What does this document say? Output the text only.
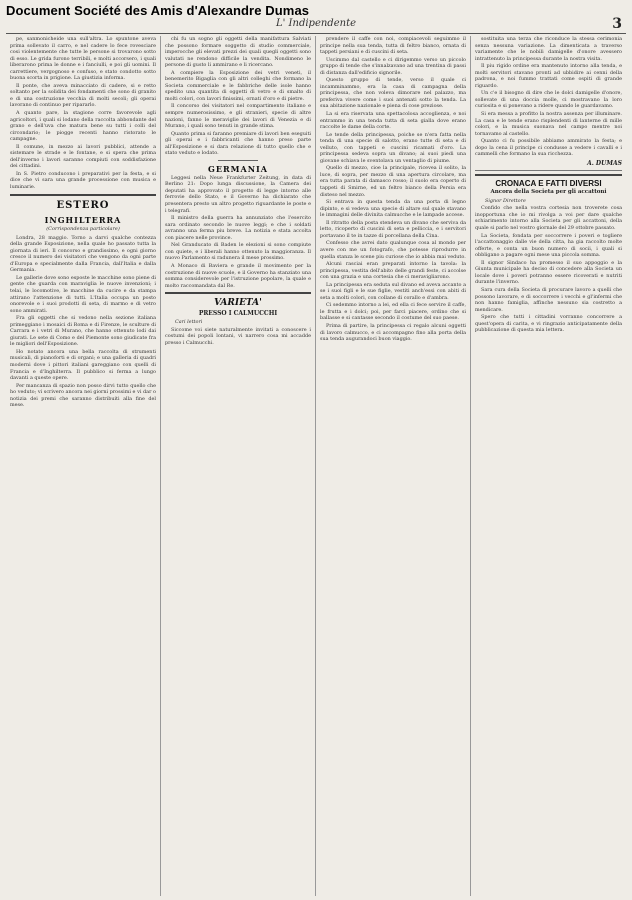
Document Société des Amis d'Alexandre Dumas
L' Indipendente	3

pe, sanmonicheide una sull'altra. Lo spuntone aveva prima sollevato il carro, e nel cadere lo fece rovesciare cosi violentemente che tutte le persone si trovarono sotto di esso. Le grida furono terribili, e molti accorsero, i quali liberarono prima le donne e i fanciulli, e poi gli uomini. Il carrettiere, vergognoso e confuso, e stato condotto sotto buona scorta in prigione. La giustizia informa.

Il ponte, che aveva minacciato di cadere, si e retto soltanto per la solidita dei fondamenti che sono di granito e di una costruzione vecchia di molti secoli; gli operai lavorano di continuo per ripararlo.

A quanto pare, la stagione corre favorevole agli agricoltori, i quali si lodano della raccolta abbondante del grano e dell'uva che matura bene su tutti i colli del circondario; le piogge recenti hanno ristorato le campagne.

Il comune, in mezzo ai lavori pubblici, attende a sistemare le strade e le fontane, e si spera che prima dell'inverno i lavori saranno compiuti con soddisfazione dei cittadini.

In S. Pietro conducono i preparativi per la festa, e si dice che vi sara una grande processione con musica e luminarie.

ESTERO
INGHILTERRA
(Corrispondenza particolare)

Londra, 28 maggio. Torno a darvi qualche contezza della grande Esposizione, nella quale ho passato tutta la giornata di ieri. Il concorso e grandissimo, e ogni giorno cresce il numero dei visitatori che vengono da ogni parte d'Europa e specialmente dalla Francia, dall'Italia e dalla Germania.

Le gallerie dove sono esposte le macchine sono piene di gente che guarda con maraviglia le nuove invenzioni; i telai, le locomotive, le macchine da cucire e da stampa attirano l'attenzione di tutti. L'Italia occupa un posto onorevole e i suoi prodotti di seta, di marmo e di vetro sono ammirati.

Fra gli oggetti che si vedono nella sezione italiana primeggiano i mosaici di Roma e di Firenze, le sculture di Carrara e i vetri di Murano, che hanno ottenuto lodi dai giurati. Le sete di Como e del Piemonte sono giudicate fra le migliori dell'Esposizione.

Ho notato ancora una bella raccolta di strumenti musicali, di pianoforti e di organi; e una galleria di quadri moderni dove i pittori italiani gareggiano con quelli di Francia e d'Inghilterra. Il pubblico si ferma a lungo davanti a queste opere.

Per mancanza di spazio non posso dirvi tutto quello che ho veduto; vi scrivero ancora nei giorni prossimi e vi dar o notizia dei premi che saranno distribuiti alla fine del mese.

chi fu un sogno gli oggetti della manifattura Salviati che possono formare soggetto di studio commerciale, imperocche gli elevati prezzi dei quali quegli oggetti sono valutati ne rendono difficile la vendita. Nondimeno le persone di gusto li ammirano e li ricercano.

A compiere la Esposizione dei vetri veneti, il benemerito Bigaglia con gli altri colleghi che formano la Societa commerciale e le fabbriche delle isole hanno spedito una quantita di oggetti di vetro e di smalto di molti colori, con lavori finissimi, ornati d'oro e di pietre.

Il concorso dei visitatori nel compartimento italiano e sempre numerosissimo, e gli stranieri, specie di altre nazioni, fanno le meraviglie dei lavori di Venezia e di Murano, i quali sono tenuti in grande stima.

Quanto prima si faranno premiare di lavori ben eseguiti gli operai e i fabbricanti che hanno preso parte all'Esposizione e si dara relazione di tutto quello che e stato veduto e lodato.

GERMANIA

Leggesi nella Neue Frankfurter Zeitung, in data di Berlino 21: Dopo lunga discussione, la Camera dei deputati ha approvato il progetto di legge intorno alle ferrovie dello Stato, e il Governo ha dichiarato che presentera presto un altro progetto riguardante le poste e i telegrafi.

Il ministro della guerra ha annunziato che l'esercito sara ordinato secondo le nuove leggi; e che i soldati avranno una ferma piu breve. La notizia e stata accolta con piacere nelle province.

Nel Granducato di Baden le elezioni si sono compiute con quiete, e i liberali hanno ottenuto la maggioranza. Il nuovo Parlamento si radunera il mese prossimo.

A Monaco di Baviera e grande il movimento per la costruzione di nuove scuole, e il Governo ha stanziato una somma considerevole per l'istruzione popolare, la quale e molto raccomandata dal Re.

VARIETA'
PRESSO I CALMUCCHI

Cari lettori

Siccome voi siete naturalmente invitati a conoscere i costumi dei popoli lontani, vi narrero cosa mi accadde presso i Calmucchi.

prendere il caffe con noi, compiacevoli seguimmo il principe nella sua tenda, tutta di feltro bianco, ornata di tappeti persiani e di cuscini di seta.

Uscimmo dal castello e ci dirigemmo verso un piccolo gruppo di tende che s'innalzavano ad una trentina di passi di distanza dall'edificio signorile.

Questo gruppo di tende, verso il quale ci incamminammo, era la casa di campagna della principessa, che non voleva dimorare nel palazzo, ma preferiva vivere come i suoi antenati sotto la tenda. La sua abitazione nazionale e piena di cose preziose.

La si era riservata una spettacolosa accoglienza, e noi entrammo in una tenda tutta di seta gialla dove erano raccolte le dame della corte.

Le tende della principessa, poiche se n'era fatta nella tenda di una specie di salotto, erano tutte di seta e di velluto, con tappeti e cuscini ricamati d'oro. La principessa sedeva sopra un divano; ai suoi piedi una giovane schiava le sventolava un ventaglio di piume.

Quello di mezzo, cioe la principale, ricevea il solito, la luce, di sopra, per mezzo di una apertura circolare, ma era tutta parata di damasco rosso; il suolo era coperto di tappeti di Smirne, ed un feltro bianco della Persia era disteso nel mezzo.

Si entrava in questa tenda da una porta di legno dipinto, e si vedeva una specie di altare sul quale stavano le immagini delle divinita calmucche e le lampade accese.

Il ritratto della posta stendeva un divano che serviva da letto, ricoperto di cuscini di seta e pelliccia, e i servitori portavano il te in tazze di porcellana della Cina.

Confesso che avrei dato qualunque cosa al mondo per avere con me un fotografo, che potesse riprodurre in quella stanza le scene piu curiose che io abbia mai veduto.

Alcuni rasciai eran preparati intorno la tavola: la principessa, vestita dell'abito delle grandi feste, ci accolse con una grazia e una cortesia che ci meravigliarono.

La principessa era seduta sul divano ed aveva accanto a se i suoi figli e le sue figlie, vestiti anch'essi con abiti di seta a molti colori, con collane di corallo e d'ambra.

Ci sedemmo intorno a lei, ed ella ci fece servire il caffe, le frutta e i dolci; poi, per farci piacere, ordino che si ballasse e si cantasse secondo il costume del suo paese.

Prima di partire, la principessa ci regalo alcuni oggetti di lavoro calmucco, e ci accompagno fino alla porta della sua tenda augurandoci buon viaggio.

sostituita una terza che riconduce la stessa cerimonia senza nessuna variazione. La dimenticata a traverso variamente che le nobili damigelle d'onore avessero intrattenuto la principessa durante la nostra visita.

Il piu rigido ordine era mantenuto intorno alla tenda, e molti servitori stavano pronti ad ubbidire ai cenni della padrona, e noi fummo trattati come ospiti di grande riguardo.

Un c'e il bisogno di dire che le dolci damigelle d'onore, sollevate di una doccia molle, ci mostravano la loro curiosita e si ponevano a ridere quando le guardavamo.

Si era messa a profitto la nostra assenza per illuminare. La casa e le tende erano risplendenti di lanterne di mille colori, e la musica suonava nel campo mentre noi tornavamo al castello.

Quanto ci fu possibile abbiamo ammirato la festa; e dopo la cena il principe ci condusse a vedere i cavalli e i cammelli che formano la sua ricchezza.

A. DUMAS
CRONACA E FATTI DIVERSI
Ancora della Societa per gli accattoni

Signor Direttore

Confido che nella vostra cortesia non troverete cosa inopportuna che io mi rivolga a voi per dare qualche schiarimento intorno alla Societa per gli accattoni, della quale si parlo nel vostro giornale del 29 ottobre passato.

La Societa, fondata per soccorrere i poveri e togliere l'accattonaggio dalle vie della citta, ha gia raccolto molte offerte, e conta un buon numero di socii, i quali si obbligano a pagare ogni mese una piccola somma.

Il signor Sindaco ha promesso il suo appoggio e la Giunta municipale ha deciso di concedere alla Societa un locale dove i poveri potranno essere ricoverati e nutriti durante l'inverno.

Sara cura della Societa di procurare lavoro a quelli che possono lavorare, e di soccorrere i vecchi e gl'infermi che non hanno famiglia, affinche nessuno sia costretto a mendicare.

Spero che tutti i cittadini vorranno concorrere a quest'opera di carita, e vi ringrazio anticipatamente della pubblicazione di questa mia lettera.
